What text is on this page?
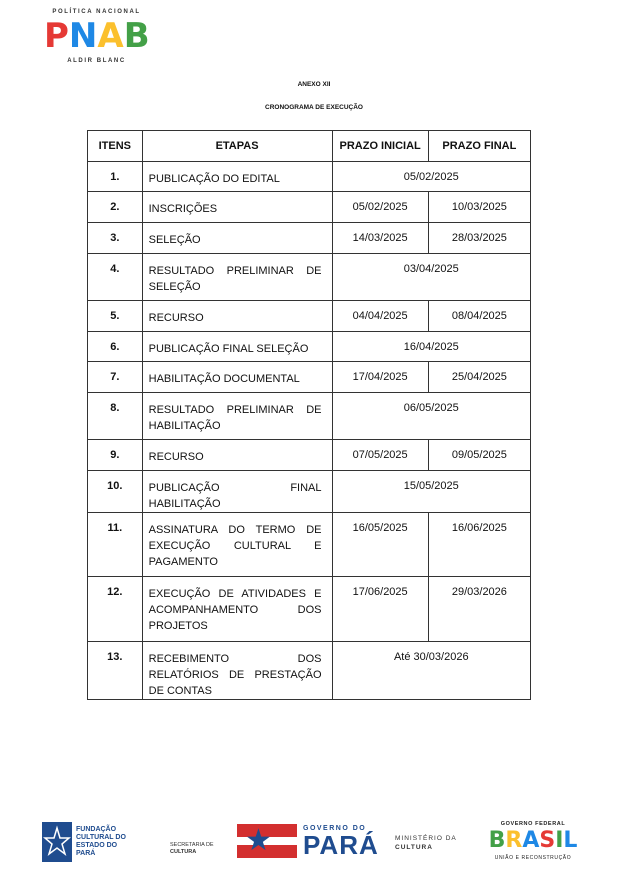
POLÍTICA NACIONAL
P N A B
ALDIR BLANC
ANEXO XII
CRONOGRAMA DE EXECUÇÃO
ITENS	ETAPAS	PRAZO INICIAL	PRAZO FINAL
1.	PUBLICAÇÃO DO EDITAL	05/02/2025	
2.	INSCRIÇÕES	05/02/2025	10/03/2025
3.	SELEÇÃO	14/03/2025	28/03/2025
4.	RESULTADO PRELIMINAR DE SELEÇÃO	03/04/2025	
5.	RECURSO	04/04/2025	08/04/2025
6.	PUBLICAÇÃO FINAL SELEÇÃO	16/04/2025	
7.	HABILITAÇÃO DOCUMENTAL	17/04/2025	25/04/2025
8.	RESULTADO PRELIMINAR DE HABILITAÇÃO	06/05/2025	
9.	RECURSO	07/05/2025	09/05/2025
10.	PUBLICAÇÃO FINAL HABILITAÇÃO	15/05/2025	
11.	ASSINATURA DO TERMO DE EXECUÇÃO CULTURAL E PAGAMENTO	16/05/2025	16/06/2025
12.	EXECUÇÃO DE ATIVIDADES E ACOMPANHAMENTO DOS PROJETOS	17/06/2025	29/03/2026
13.	RECEBIMENTO DOS RELATÓRIOS DE PRESTAÇÃO DE CONTAS	Até 30/03/2026	
FUNDAÇÃO
CULTURAL DO
ESTADO DO
PARÁ
SECRETARIA DE
CULTURA	★	GOVERNO DO
PARÁ	MINISTÉRIO DA
CULTURA
GOVERNO FEDERAL
B R A S I L
UNIÃO E RECONSTRUÇÃO
